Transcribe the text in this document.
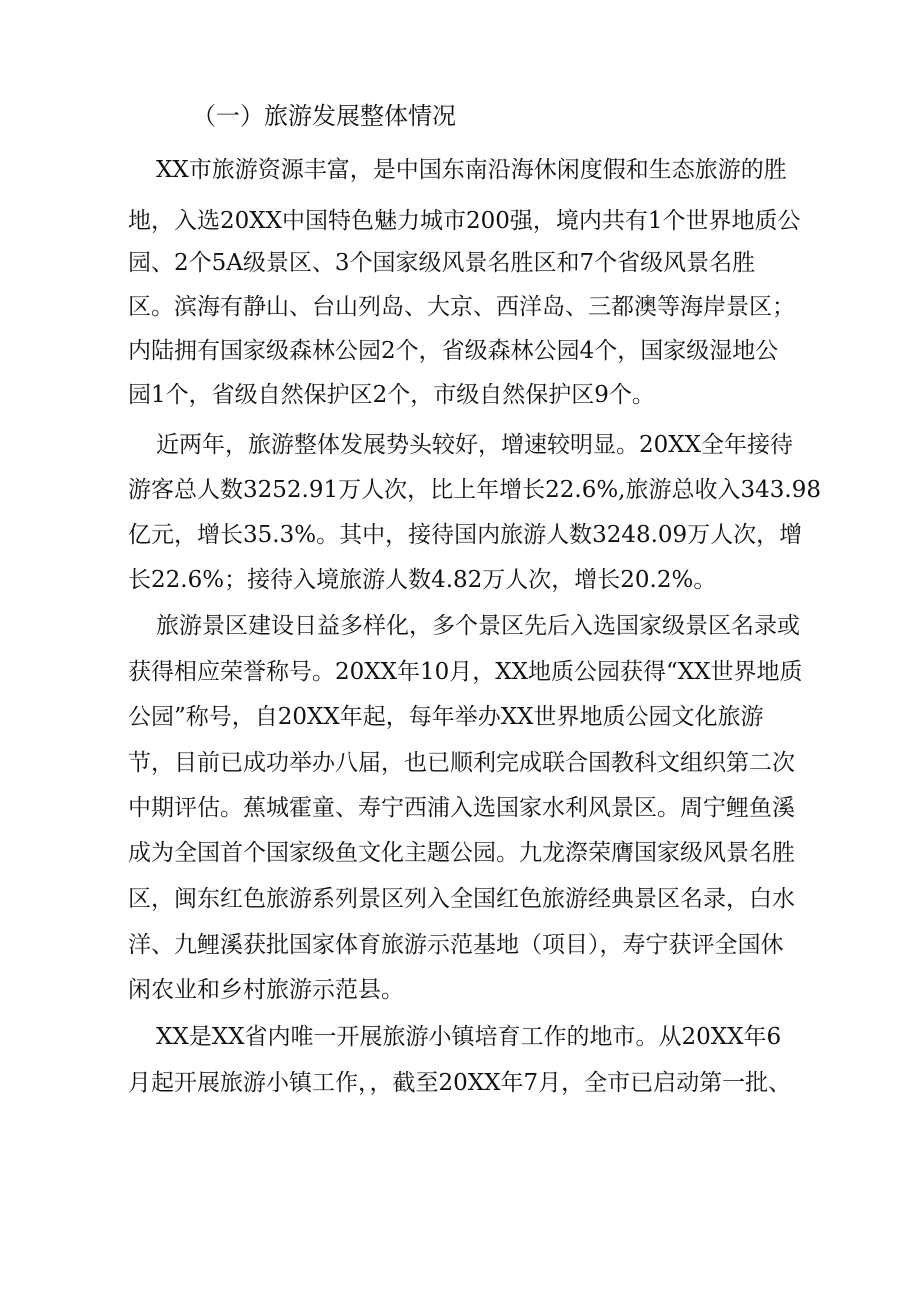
（一）旅游发展整体情况
XX市旅游资源丰富，是中国东南沿海休闲度假和生态旅游的胜
地，入选20XX中国特色魅力城市200强，境内共有1个世界地质公
园、2个5A级景区、3个国家级风景名胜区和7个省级风景名胜
区。滨海有静山、台山列岛、大京、西洋岛、三都澳等海岸景区；
内陆拥有国家级森林公园2个，省级森林公园4个，国家级湿地公
园1个，省级自然保护区2个，市级自然保护区9个。
近两年，旅游整体发展势头较好，增速较明显。20XX全年接待
游客总人数3252.91万人次，比上年增长22.6%,旅游总收入343.98
亿元，增长35.3%。其中，接待国内旅游人数3248.09万人次，增
长22.6%；接待入境旅游人数4.82万人次，增长20.2%。
旅游景区建设日益多样化，多个景区先后入选国家级景区名录或
获得相应荣誉称号。20XX年10月，XX地质公园获得“XX世界地质
公园”称号，自20XX年起，每年举办XX世界地质公园文化旅游
节，目前已成功举办八届，也已顺利完成联合国教科文组织第二次
中期评估。蕉城霍童、寿宁西浦入选国家水利风景区。周宁鲤鱼溪
成为全国首个国家级鱼文化主题公园。九龙漈荣膺国家级风景名胜
区，闽东红色旅游系列景区列入全国红色旅游经典景区名录，白水
洋、九鲤溪获批国家体育旅游示范基地（项目），寿宁获评全国休
闲农业和乡村旅游示范县。
XX是XX省内唯一开展旅游小镇培育工作的地市。从20XX年6
月起开展旅游小镇工作，，截至20XX年7月，全市已启动第一批、
